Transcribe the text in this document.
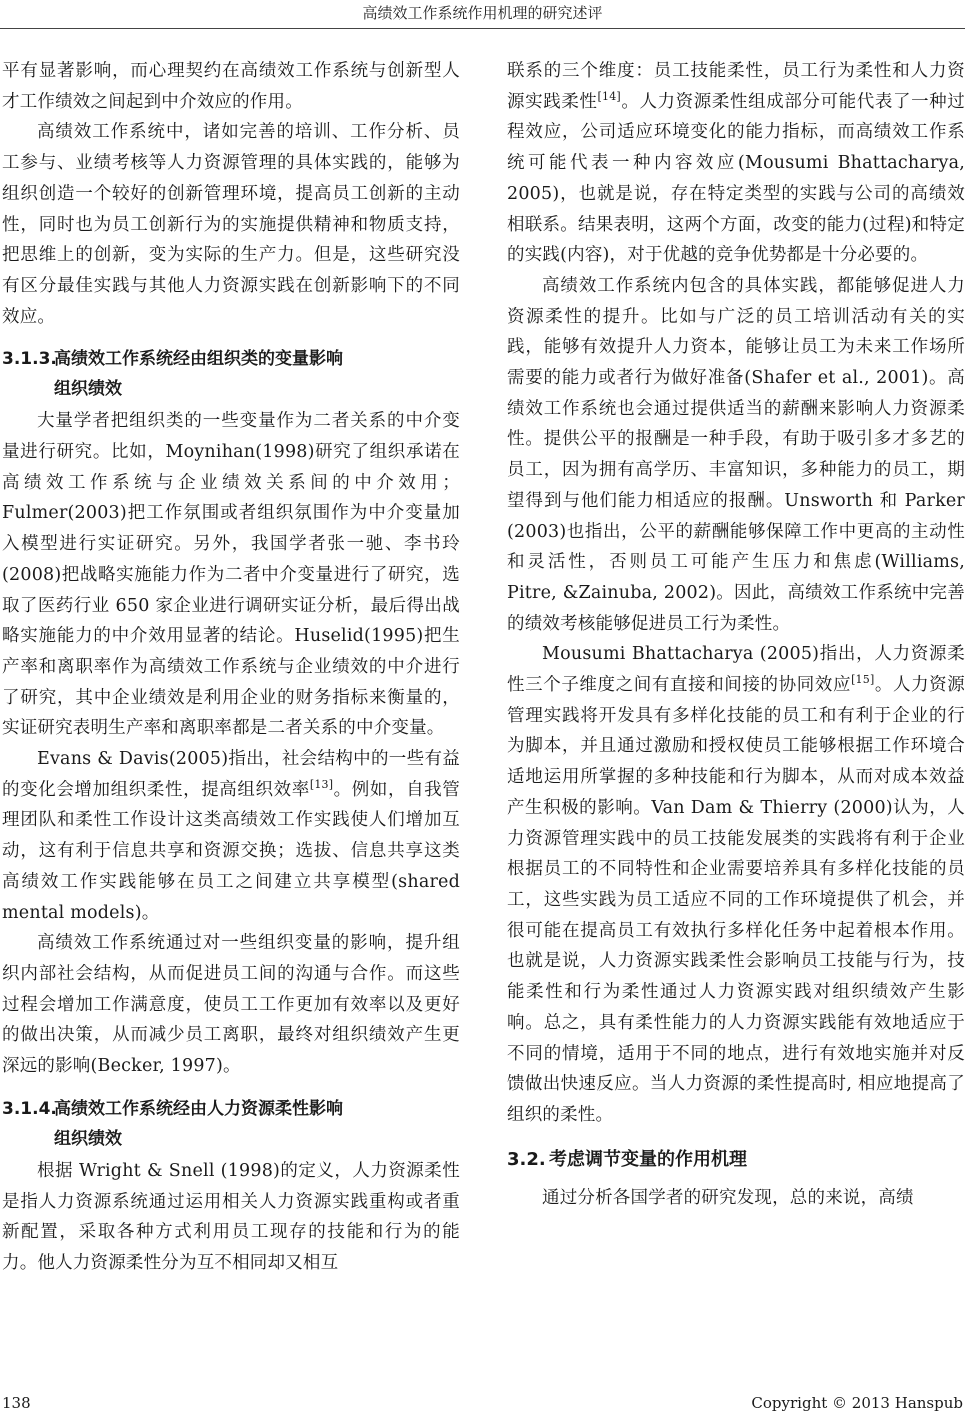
高绩效工作系统作用机理的研究述评

平有显著影响，而心理契约在高绩效工作系统与创新型人才工作绩效之间起到中介效应的作用。

高绩效工作系统中，诸如完善的培训、工作分析、员工参与、业绩考核等人力资源管理的具体实践的，能够为组织创造一个较好的创新管理环境，提高员工创新的主动性，同时也为员工创新行为的实施提供精神和物质支持，把思维上的创新，变为实际的生产力。但是，这些研究没有区分最佳实践与其他人力资源实践在创新影响下的不同效应。

3.1.3.高绩效工作系统经由组织类的变量影响
组织绩效

大量学者把组织类的一些变量作为二者关系的中介变量进行研究。比如，Moynihan(1998)研究了组织承诺在高绩效工作系统与企业绩效关系间的中介效用；Fulmer(2003)把工作氛围或者组织氛围作为中介变量加入模型进行实证研究。另外，我国学者张一驰、李书玲(2008)把战略实施能力作为二者中介变量进行了研究，选取了医药行业 650 家企业进行调研实证分析，最后得出战略实施能力的中介效用显著的结论。Huselid(1995)把生产率和离职率作为高绩效工作系统与企业绩效的中介进行了研究，其中企业绩效是利用企业的财务指标来衡量的，实证研究表明生产率和离职率都是二者关系的中介变量。

Evans & Davis(2005)指出，社会结构中的一些有益的变化会增加组织柔性，提高组织效率[13]。例如，自我管理团队和柔性工作设计这类高绩效工作实践使人们增加互动，这有利于信息共享和资源交换；选拔、信息共享这类高绩效工作实践能够在员工之间建立共享模型(shared mental models)。

高绩效工作系统通过对一些组织变量的影响，提升组织内部社会结构，从而促进员工间的沟通与合作。而这些过程会增加工作满意度，使员工工作更加有效率以及更好的做出决策，从而减少员工离职，最终对组织绩效产生更深远的影响(Becker, 1997)。

3.1.4.高绩效工作系统经由人力资源柔性影响
组织绩效

根据 Wright & Snell (1998)的定义，人力资源柔性是指人力资源系统通过运用相关人力资源实践重构或者重新配置，采取各种方式利用员工现存的技能和行为的能力。他人力资源柔性分为互不相同却又相互

联系的三个维度：员工技能柔性，员工行为柔性和人力资源实践柔性[14]。人力资源柔性组成部分可能代表了一种过程效应，公司适应环境变化的能力指标，而高绩效工作系统可能代表一种内容效应(Mousumi Bhattacharya, 2005)，也就是说，存在特定类型的实践与公司的高绩效相联系。结果表明，这两个方面，改变的能力(过程)和特定的实践(内容)，对于优越的竞争优势都是十分必要的。

高绩效工作系统内包含的具体实践，都能够促进人力资源柔性的提升。比如与广泛的员工培训活动有关的实践，能够有效提升人力资本，能够让员工为未来工作场所需要的能力或者行为做好准备(Shafer et al., 2001)。高绩效工作系统也会通过提供适当的薪酬来影响人力资源柔性。提供公平的报酬是一种手段，有助于吸引多才多艺的员工，因为拥有高学历、丰富知识，多种能力的员工，期望得到与他们能力相适应的报酬。Unsworth 和 Parker (2003)也指出，公平的薪酬能够保障工作中更高的主动性和灵活性，否则员工可能产生压力和焦虑(Williams, Pitre, &Zainuba, 2002)。因此，高绩效工作系统中完善的绩效考核能够促进员工行为柔性。

Mousumi Bhattacharya (2005)指出，人力资源柔性三个子维度之间有直接和间接的协同效应[15]。人力资源管理实践将开发具有多样化技能的员工和有利于企业的行为脚本，并且通过激励和授权使员工能够根据工作环境合适地运用所掌握的多种技能和行为脚本，从而对成本效益产生积极的影响。Van Dam & Thierry (2000)认为，人力资源管理实践中的员工技能发展类的实践将有利于企业根据员工的不同特性和企业需要培养具有多样化技能的员工，这些实践为员工适应不同的工作环境提供了机会，并很可能在提高员工有效执行多样化任务中起着根本作用。也就是说，人力资源实践柔性会影响员工技能与行为，技能柔性和行为柔性通过人力资源实践对组织绩效产生影响。总之，具有柔性能力的人力资源实践能有效地适应于不同的情境，适用于不同的地点，进行有效地实施并对反馈做出快速反应。当人力资源的柔性提高时, 相应地提高了组织的柔性。

3.2. 考虑调节变量的作用机理

通过分析各国学者的研究发现，总的来说，高绩

138	Copyright © 2013 Hanspub
